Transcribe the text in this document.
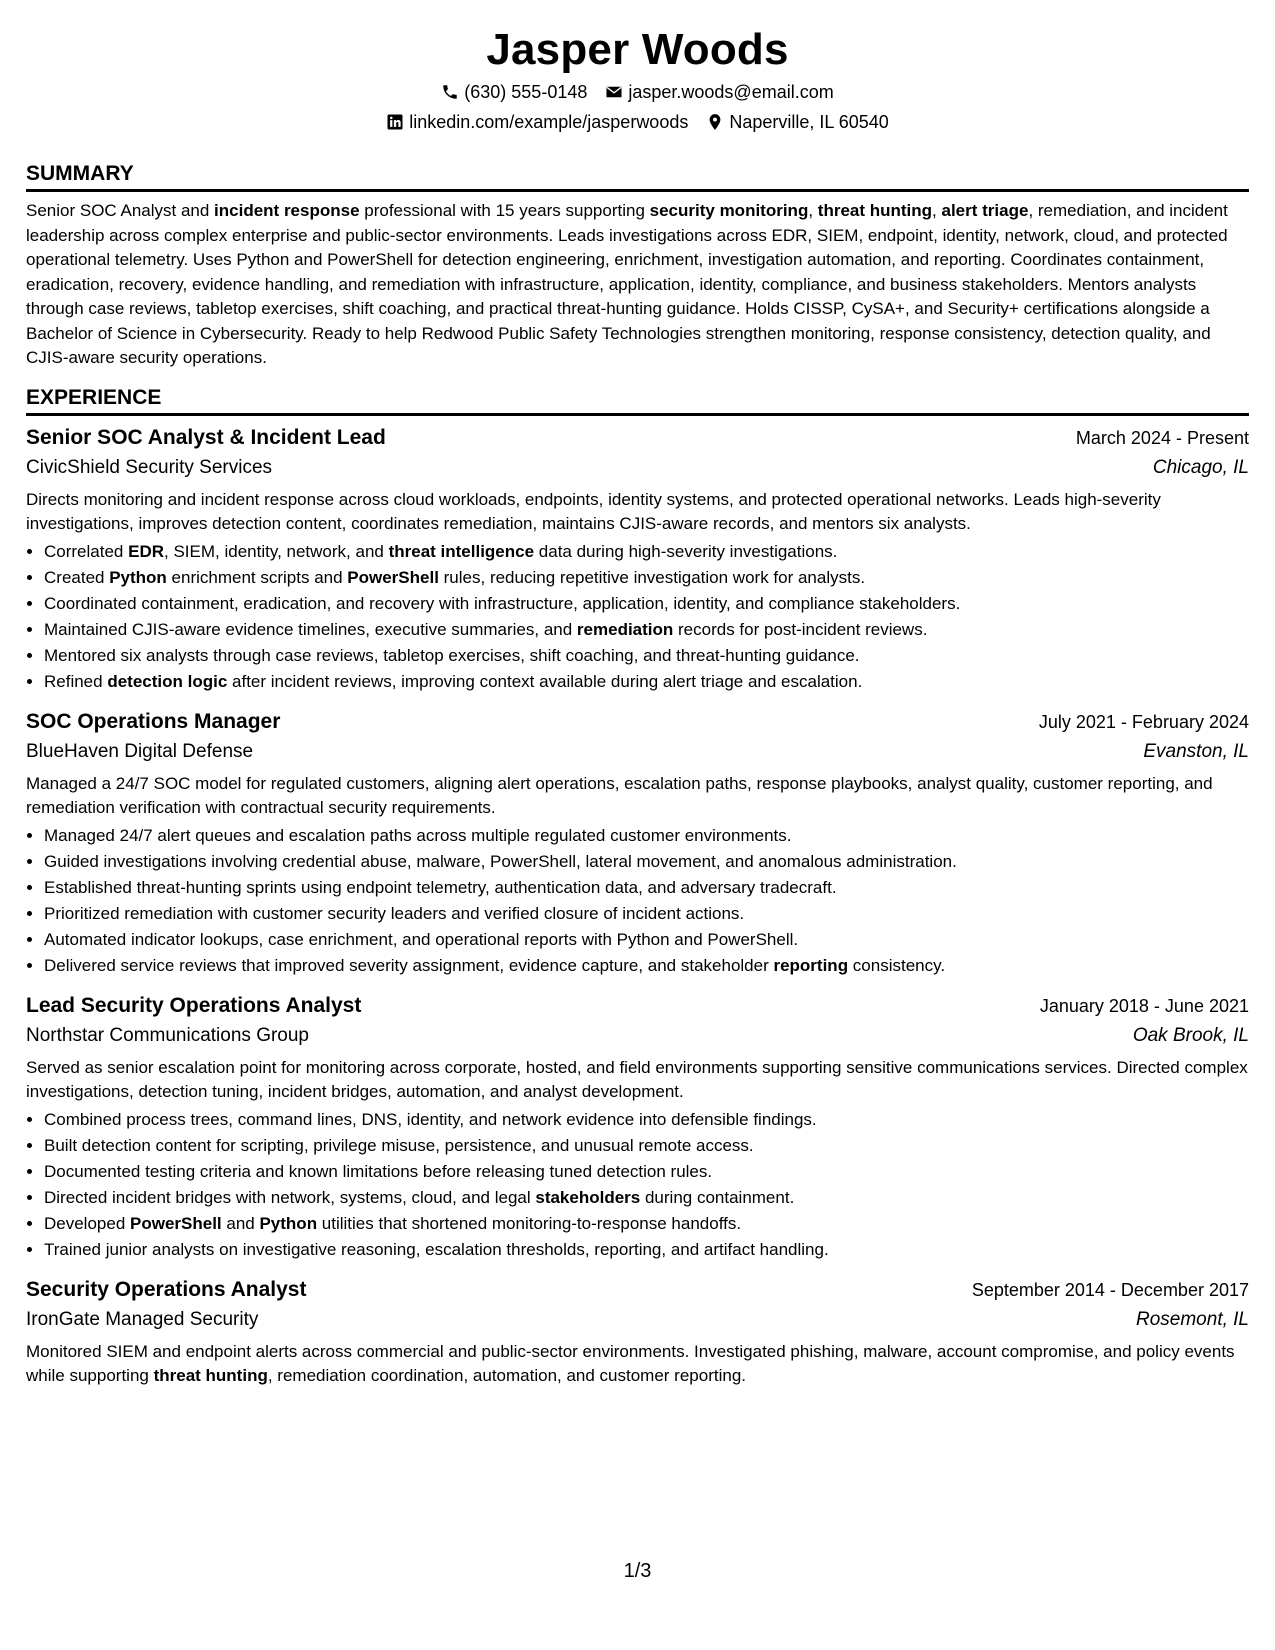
Jasper Woods
(630) 555-0148 jasper.woods@email.com
linkedin.com/example/jasperwoods Naperville, IL 60540
SUMMARY

Senior SOC Analyst and incident response professional with 15 years supporting security monitoring, threat hunting, alert triage, remediation, and incident leadership across complex enterprise and public-sector environments. Leads investigations across EDR, SIEM, endpoint, identity, network, cloud, and protected operational telemetry. Uses Python and PowerShell for detection engineering, enrichment, investigation automation, and reporting. Coordinates containment, eradication, recovery, evidence handling, and remediation with infrastructure, application, identity, compliance, and business stakeholders. Mentors analysts through case reviews, tabletop exercises, shift coaching, and practical threat-hunting guidance. Holds CISSP, CySA+, and Security+ certifications alongside a Bachelor of Science in Cybersecurity. Ready to help Redwood Public Safety Technologies strengthen monitoring, response consistency, detection quality, and CJIS-aware security operations.

EXPERIENCE
Senior SOC Analyst & Incident Lead	March 2024 - Present
CivicShield Security Services	Chicago, IL

Directs monitoring and incident response across cloud workloads, endpoints, identity systems, and protected operational networks. Leads high-severity investigations, improves detection content, coordinates remediation, maintains CJIS-aware records, and mentors six analysts.

• Correlated EDR, SIEM, identity, network, and threat intelligence data during high-severity investigations.
• Created Python enrichment scripts and PowerShell rules, reducing repetitive investigation work for analysts.
• Coordinated containment, eradication, and recovery with infrastructure, application, identity, and compliance stakeholders.
• Maintained CJIS-aware evidence timelines, executive summaries, and remediation records for post-incident reviews.
• Mentored six analysts through case reviews, tabletop exercises, shift coaching, and threat-hunting guidance.
• Refined detection logic after incident reviews, improving context available during alert triage and escalation.
SOC Operations Manager	July 2021 - February 2024
BlueHaven Digital Defense	Evanston, IL

Managed a 24/7 SOC model for regulated customers, aligning alert operations, escalation paths, response playbooks, analyst quality, customer reporting, and remediation verification with contractual security requirements.

• Managed 24/7 alert queues and escalation paths across multiple regulated customer environments.
• Guided investigations involving credential abuse, malware, PowerShell, lateral movement, and anomalous administration.
• Established threat-hunting sprints using endpoint telemetry, authentication data, and adversary tradecraft.
• Prioritized remediation with customer security leaders and verified closure of incident actions.
• Automated indicator lookups, case enrichment, and operational reports with Python and PowerShell.
• Delivered service reviews that improved severity assignment, evidence capture, and stakeholder reporting consistency.
Lead Security Operations Analyst	January 2018 - June 2021
Northstar Communications Group	Oak Brook, IL

Served as senior escalation point for monitoring across corporate, hosted, and field environments supporting sensitive communications services. Directed complex investigations, detection tuning, incident bridges, automation, and analyst development.

• Combined process trees, command lines, DNS, identity, and network evidence into defensible findings.
• Built detection content for scripting, privilege misuse, persistence, and unusual remote access.
• Documented testing criteria and known limitations before releasing tuned detection rules.
• Directed incident bridges with network, systems, cloud, and legal stakeholders during containment.
• Developed PowerShell and Python utilities that shortened monitoring-to-response handoffs.
• Trained junior analysts on investigative reasoning, escalation thresholds, reporting, and artifact handling.
Security Operations Analyst	September 2014 - December 2017
IronGate Managed Security	Rosemont, IL

Monitored SIEM and endpoint alerts across commercial and public-sector environments. Investigated phishing, malware, account compromise, and policy events while supporting threat hunting, remediation coordination, automation, and customer reporting.

1/3
